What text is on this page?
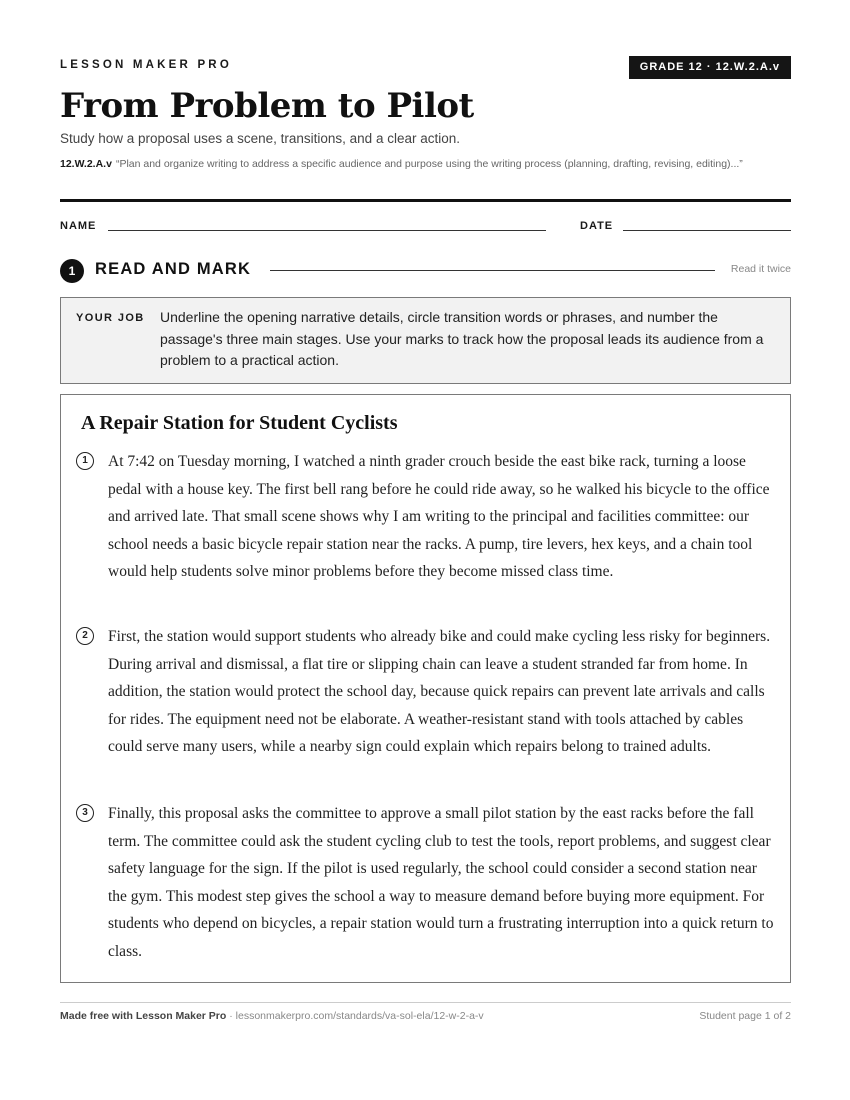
LESSON MAKER PRO	GRADE 12 · 12.W.2.A.v
From Problem to Pilot
Study how a proposal uses a scene, transitions, and a clear action.
12.W.2.A.v “Plan and organize writing to address a specific audience and purpose using the writing process (planning, drafting, revising, editing)...”
NAME	DATE
1	READ AND MARK	Read it twice
YOUR JOB Underline the opening narrative details, circle transition words or phrases, and number the passage's three main stages. Use your marks to track how the proposal leads its audience from a problem to a practical action.
A Repair Station for Student Cyclists
1	At 7:42 on Tuesday morning, I watched a ninth grader crouch beside the east bike rack, turning a loose pedal with a house key. The first bell rang before he could ride away, so he walked his bicycle to the office and arrived late. That small scene shows why I am writing to the principal and facilities committee: our school needs a basic bicycle repair station near the racks. A pump, tire levers, hex keys, and a chain tool would help students solve minor problems before they become missed class time.

2	First, the station would support students who already bike and could make cycling less risky for beginners. During arrival and dismissal, a flat tire or slipping chain can leave a student stranded far from home. In addition, the station would protect the school day, because quick repairs can prevent late arrivals and calls for rides. The equipment need not be elaborate. A weather-resistant stand with tools attached by cables could serve many users, while a nearby sign could explain which repairs belong to trained adults.

3	Finally, this proposal asks the committee to approve a small pilot station by the east racks before the fall term. The committee could ask the student cycling club to test the tools, report problems, and suggest clear safety language for the sign. If the pilot is used regularly, the school could consider a second station near the gym. This modest step gives the school a way to measure demand before buying more equipment. For students who depend on bicycles, a repair station would turn a frustrating interruption into a quick return to class.

Made free with Lesson Maker Pro · lessonmakerpro.com/standards/va-sol-ela/12-w-2-a-v	Student page 1 of 2
